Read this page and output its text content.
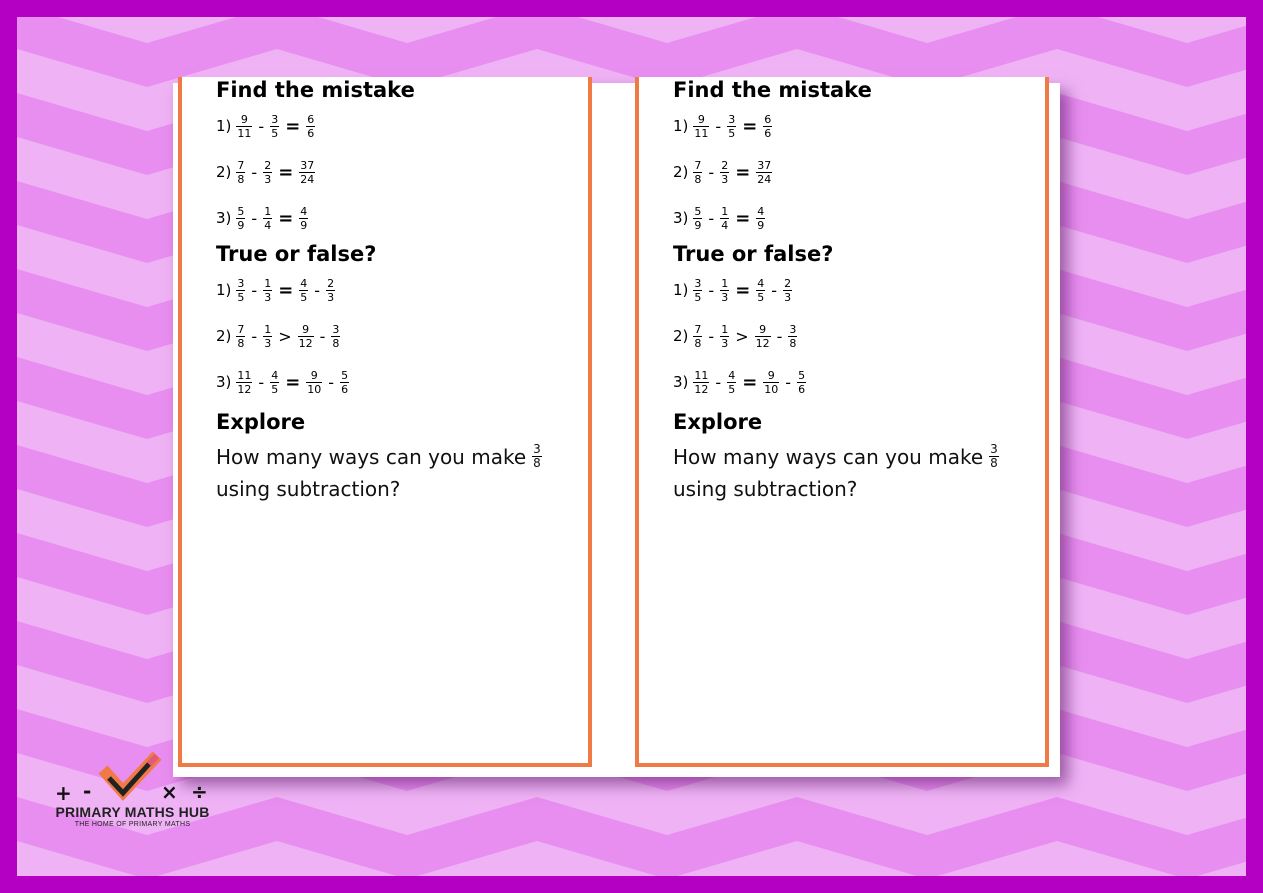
Find the mistake
$1) \frac{9}{11} - \frac{3}{5} = \frac{6}{6}$
$2) \frac{7}{8} - \frac{2}{3} = \frac{37}{24}$
$3) \frac{5}{9} - \frac{1}{4} = \frac{4}{9}$
True or false?
$1) \frac{3}{5} - \frac{1}{3} = \frac{4}{5} - \frac{2}{3}$
$2) \frac{7}{8} - \frac{1}{3} > \frac{9}{12} - \frac{3}{8}$
$3) \frac{11}{12} - \frac{4}{5} = \frac{9}{10} - \frac{5}{6}$
Explore
How many ways can you make $\frac{3}{8}$

using subtraction?
Find the mistake
$1) \frac{9}{11} - \frac{3}{5} = \frac{6}{6}$
$2) \frac{7}{8} - \frac{2}{3} = \frac{37}{24}$
$3) \frac{5}{9} - \frac{1}{4} = \frac{4}{9}$
True or false?
$1) \frac{3}{5} - \frac{1}{3} = \frac{4}{5} - \frac{2}{3}$
$2) \frac{7}{8} - \frac{1}{3} > \frac{9}{12} - \frac{3}{8}$
$3) \frac{11}{12} - \frac{4}{5} = \frac{9}{10} - \frac{5}{6}$
Explore
How many ways can you make $\frac{3}{8}$

using subtraction?
+ -	× ÷
PRIMARY MATHS HUB
THE HOME OF PRIMARY MATHS
